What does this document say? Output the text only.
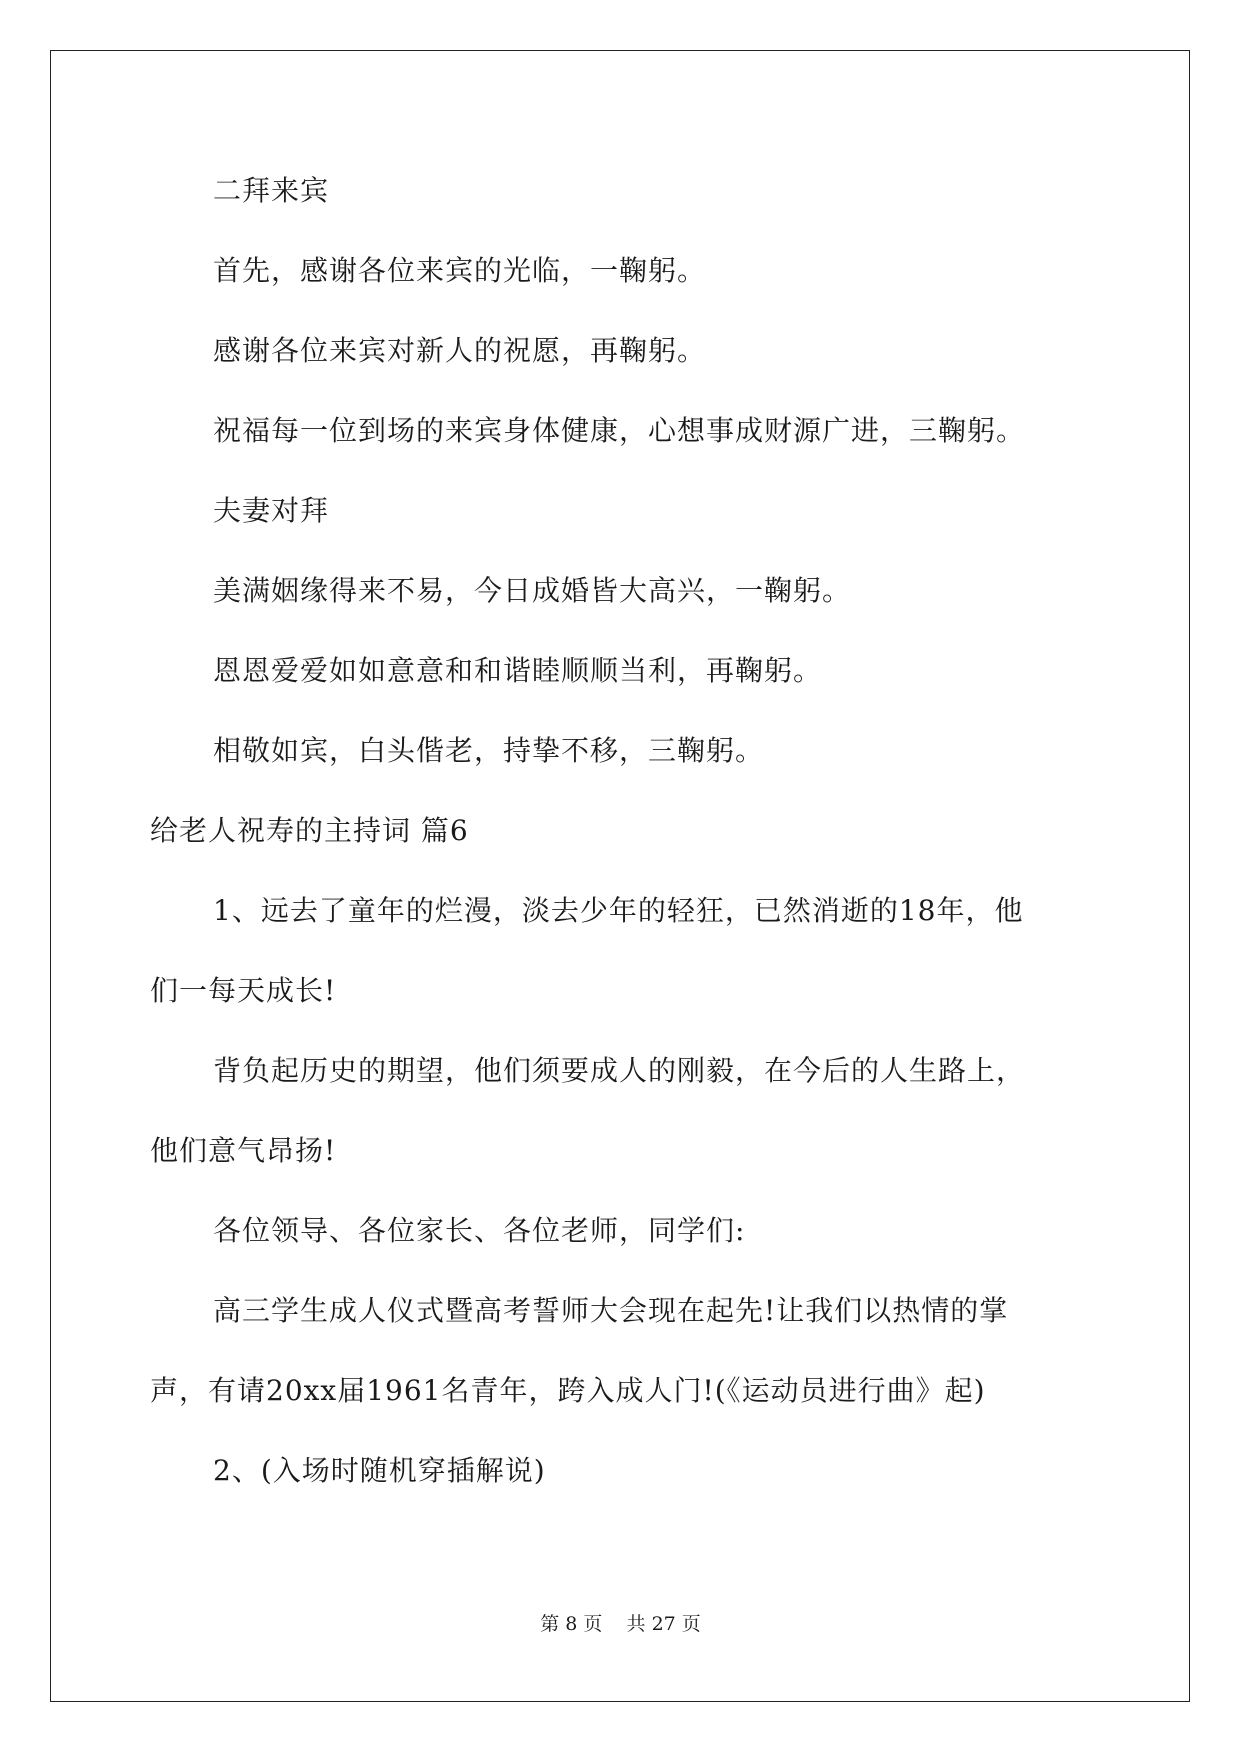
二拜来宾
首先，感谢各位来宾的光临，一鞠躬。
感谢各位来宾对新人的祝愿，再鞠躬。
祝福每一位到场的来宾身体健康，心想事成财源广进，三鞠躬。
夫妻对拜
美满姻缘得来不易，今日成婚皆大高兴，一鞠躬。
恩恩爱爱如如意意和和谐睦顺顺当利，再鞠躬。
相敬如宾，白头偕老，持挚不移，三鞠躬。
给老人祝寿的主持词 篇6
1、远去了童年的烂漫，淡去少年的轻狂，已然消逝的18年，他
们一每天成长!
背负起历史的期望，他们须要成人的刚毅，在今后的人生路上，
他们意气昂扬!
各位领导、各位家长、各位老师，同学们:
高三学生成人仪式暨高考誓师大会现在起先!让我们以热情的掌
声，有请20xx届1961名青年，跨入成人门!(《运动员进行曲》起)
2、(入场时随机穿插解说)
第 8 页    共 27 页
